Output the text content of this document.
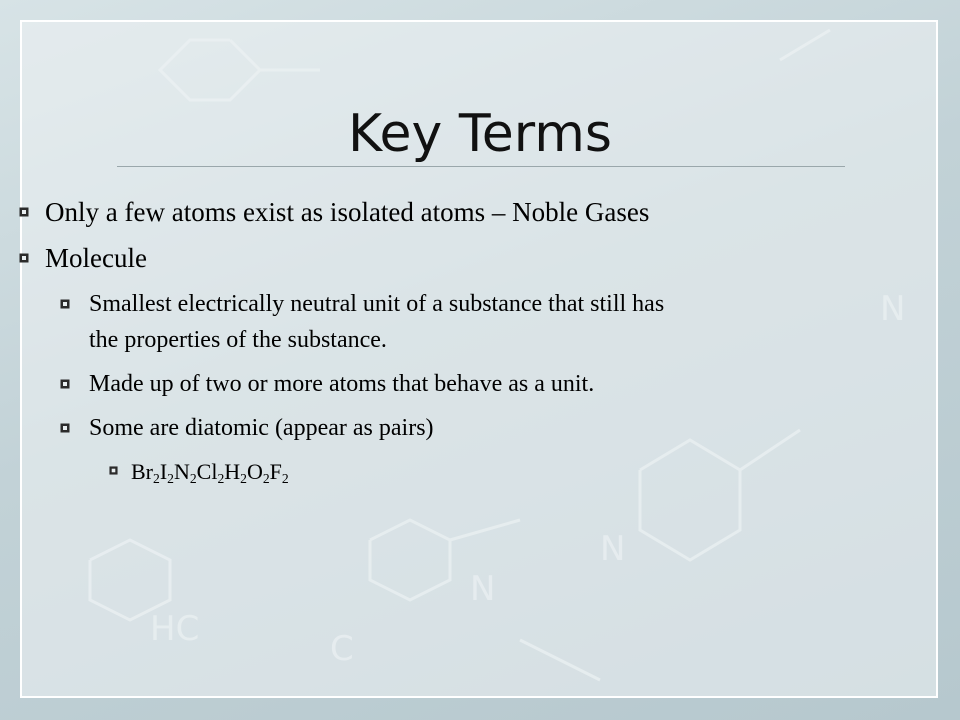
Key Terms
Only a few atoms exist as isolated atoms – Noble Gases
Molecule
Smallest electrically neutral unit of a substance that still has
the properties of the substance.
Made up of two or more atoms that behave as a unit.
Some are diatomic (appear as pairs)
$Br_2I_2N_2Cl_2H_2O_2F_2$
